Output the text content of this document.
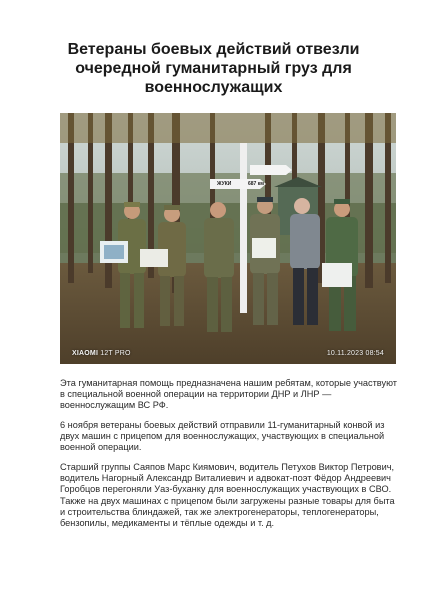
Ветераны боевых действий отвезли очередной гуманитарный груз для военнослужащих
ЖУКИ	687 км
XIAOMI 12T PRO	10.11.2023 08:54

Эта гуманитарная помощь предназначена нашим ребятам, которые участвуют в специальной военной операции на территории ДНР и ЛНР — военнослужащим ВС РФ.

6 ноября ветераны боевых действий отправили 11-гуманитарный конвой из двух машин с прицепом для военнослужащих, участвующих в специальной военной операции.

Старший группы Саяпов Марс Киямович, водитель Петухов Виктор Петрович, водитель Нагорный Александр Виталиевич и адвокат-поэт Фёдор Андреевич Горобцов перегоняли Уаз-буханку для военнослужащих участвующих в СВО. Также на двух машинах с прицепом были загружены разные товары для быта и строительства блиндажей, так же электрогенераторы, теплогенераторы, бензопилы, медикаменты и тёплые одежды и т. д.
